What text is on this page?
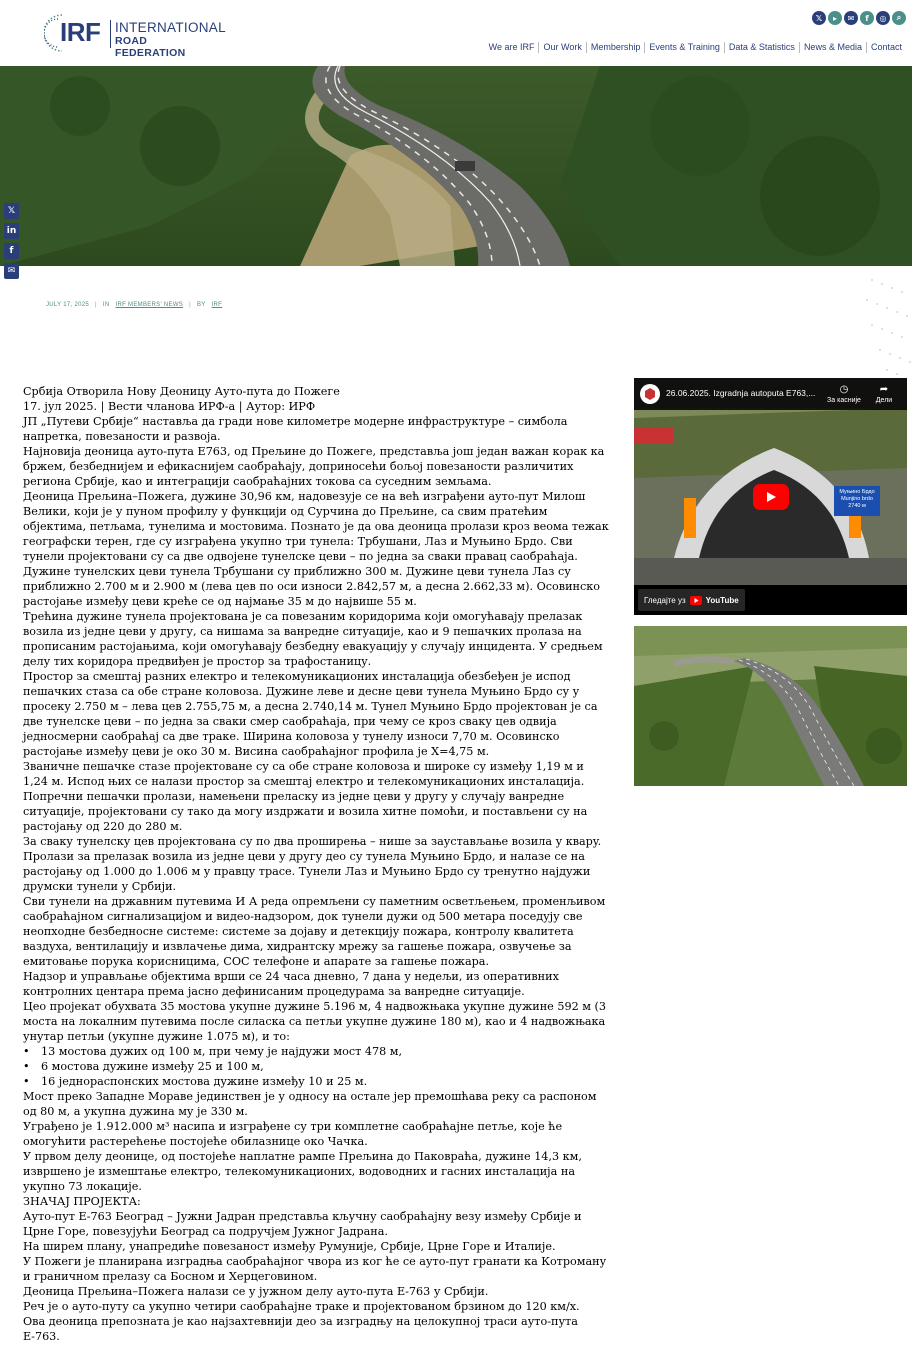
IRF INTERNATIONAL
ROAD FEDERATION
𝕏	▸	✉	f	◎	⌕
We are IRF	Our Work	Membership	Events & Training	Data & Statistics	News & Media	Contact
𝕏
in
f
✉
JULY 17, 2025 | IN IRF MEMBERS' NEWS | BY IRF

Србија Отворила Нову Деоницу Ауто-пута до Пожеге

17. јул 2025. | Вести чланова ИРФ-а | Аутор: ИРФ

ЈП „Путеви Србије“ наставља да гради нове километре модерне инфраструктуре – симбола напретка, повезаности и развоја.

Најновија деоница ауто-пута Е763, од Прељине до Пожеге, представља још један важан корак ка бржем, безбеднијем и ефикаснијем саобраћају, доприносећи бољој повезаности различитих региона Србије, као и интеграцији саобраћајних токова са суседним земљама.

Деоница Прељина–Пожега, дужине 30,96 км, надовезује се на већ изграђени ауто-пут Милош Велики, који је у пуном профилу у функцији од Сурчина до Прељине, са свим пратећим објектима, петљама, тунелима и мостовима. Познато је да ова деоница пролази кроз веома тежак географски терен, где су изграђена укупно три тунела: Трбушани, Лаз и Муњино Брдо. Сви тунели пројектовани су са две одвојене тунелске цеви – по једна за сваки правац саобраћаја.

Дужине тунелских цеви тунела Трбушани су приближно 300 м. Дужине цеви тунела Лаз су приближно 2.700 м и 2.900 м (лева цев по оси износи 2.842,57 м, а десна 2.662,33 м). Осовинско растојање између цеви креће се од најмање 35 м до највише 55 м.

Трећина дужине тунела пројектована је са повезаним коридорима који омогућавају прелазак возила из једне цеви у другу, са нишама за ванредне ситуације, као и 9 пешачких пролаза на прописаним растојањима, који омогућавају безбедну евакуацију у случају инцидента. У средњем делу тих коридора предвиђен је простор за трафостаницу.

Простор за смештај разних електро и телекомуникационих инсталација обезбеђен је испод пешачких стаза са обе стране коловоза. Дужине леве и десне цеви тунела Муњино Брдо су у просеку 2.750 м – лева цев 2.755,75 м, а десна 2.740,14 м. Тунел Муњино Брдо пројектован је са две тунелске цеви – по једна за сваки смер саобраћаја, при чему се кроз сваку цев одвија једносмерни саобраћај са две траке. Ширина коловоза у тунелу износи 7,70 м. Осовинско растојање између цеви је око 30 м. Висина саобраћајног профила је Х=4,75 м.

Званичне пешачке стазе пројектоване су са обе стране коловоза и широке су између 1,19 м и 1,24 м. Испод њих се налази простор за смештај електро и телекомуникационих инсталација.

Попречни пешачки пролази, намењени преласку из једне цеви у другу у случају ванредне ситуације, пројектовани су тако да могу издржати и возила хитне помоћи, и постављени су на растојању од 220 до 280 м.

За сваку тунелску цев пројектована су по два проширења – нише за заустављање возила у кварy.

Пролази за прелазак возила из једне цеви у другу део су тунела Муњино Брдо, и налазе се на растојању од 1.000 до 1.006 м у правцу трасе. Тунели Лаз и Муњино Брдо су тренутно најдужи друмски тунели у Србији.

Сви тунели на државним путевима И А реда опремљени су паметним осветљењем, променљивом саобраћајном сигнализацијом и видео-надзором, док тунели дужи од 500 метара поседују све неопходне безбедносне системе: системе за дојаву и детекцију пожара, контролу квалитета ваздуха, вентилацију и извлачење дима, хидрантску мрежу за гашење пожара, озвучење за емитовање порука корисницима, СОС телефоне и апарате за гашење пожара.

Надзор и управљање објектима врши се 24 часа дневно, 7 дана у недељи, из оперативних контролних центара према јасно дефинисаним процедурама за ванредне ситуације.

Цео пројекат обухвата 35 мостова укупне дужине 5.196 м, 4 надвожњака укупне дужине 592 м (3 моста на локалним путевима после силаска са петљи укупне дужине 180 м), као и 4 надвожњака унутар петљи (укупне дужине 1.075 м), и то:

•	13 мостова дужих од 100 м, при чему је најдужи мост 478 м,
•	6 мостова дужине између 25 и 100 м,
•	16 једнораспонских мостова дужине између 10 и 25 м.

Мост преко Западне Мораве јединствен је у односу на остале јер премошћава реку са распоном од 80 м, а укупна дужина му је 330 м.

Уграђено је 1.912.000 м³ насипа и изграђене су три комплетне саобраћајне петље, које ће омогућити растерећење постојеће обилазнице око Чачка.

У првом делу деонице, од постојеће наплатне рампе Прељина до Паковраћа, дужине 14,3 км, извршено је измештање електро, телекомуникационих, водоводних и гасних инсталација на укупно 73 локације.

ЗНАЧАЈ ПРОЈЕКТА:

Ауто-пут Е-763 Београд – Јужни Јадран представља кључну саобраћајну везу између Србије и Црне Горе, повезујући Београд са подручјем Јужног Јадрана.

На ширем плану, унапредиће повезаност између Румуније, Србије, Црне Горе и Италије.

У Пожеги је планирана изградња саобраћајног чвора из ког ће се ауто-пут гранати ка Котроману и граничном прелазу са Босном и Херцеговином.

Деоница Прељина–Пожега налази се у јужном делу ауто-пута Е-763 у Србији.

Реч је о ауто-путу са укупно четири саобраћајне траке и пројектованом брзином до 120 км/х.

Ова деоница препозната је као најзахтевнији део за изградњу на целокупној траси ауто-пута Е-763.

26.06.2025. Izgradnja autoputa E763,...	◷
За касније
➦
Дели
Муњино Брдо
Munjino brdo
2740 м
Гледајте уз	YouTube
